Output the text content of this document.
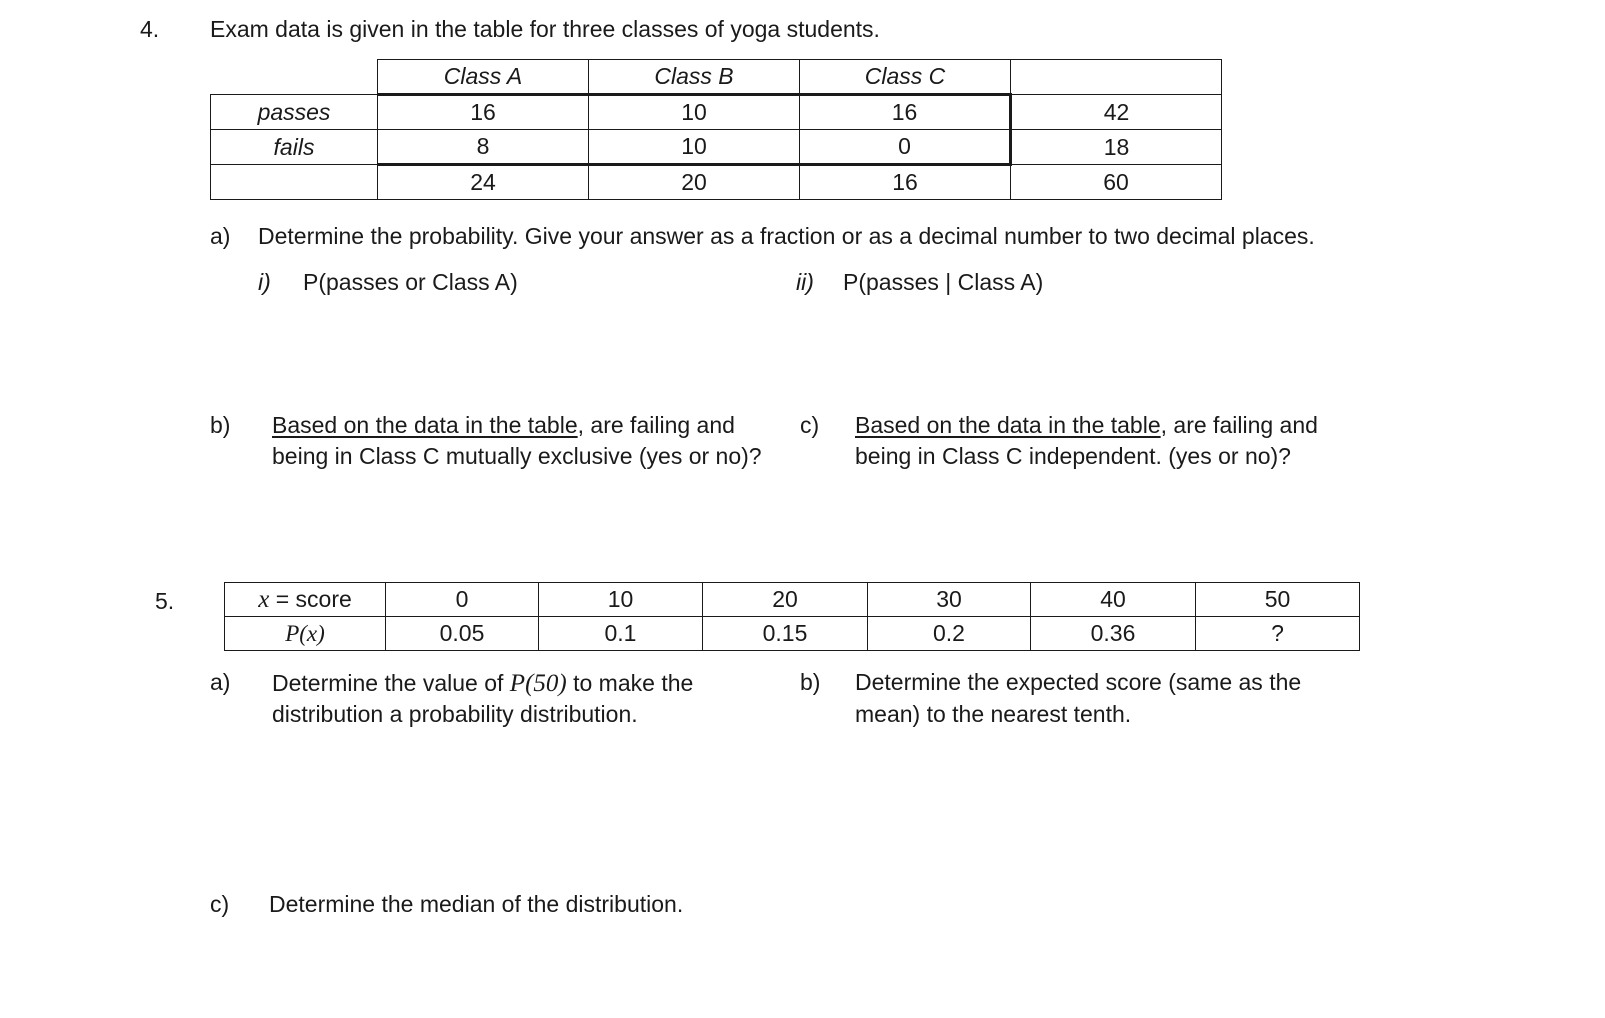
4. Exam data is given in the table for three classes of yoga students.
	Class A	Class B	Class C	
passes	16	10	16	42
fails	8	10	0	18
	24	20	16	60
a) Determine the probability. Give your answer as a fraction or as a decimal number to two decimal places.
i) P(passes or Class A)	ii) P(passes | Class A)
b) Based on the data in the table, are failing and
being in Class C mutually exclusive (yes or no)?
c) Based on the data in the table, are failing and
being in Class C independent. (yes or no)?
5.	x = score	0	10	20	30	40	50
P(x)	0.05	0.1	0.15	0.2	0.36	?
a) Determine the value of P(50) to make the
distribution a probability distribution.
b) Determine the expected score (same as the
mean) to the nearest tenth.
c) Determine the median of the distribution.
